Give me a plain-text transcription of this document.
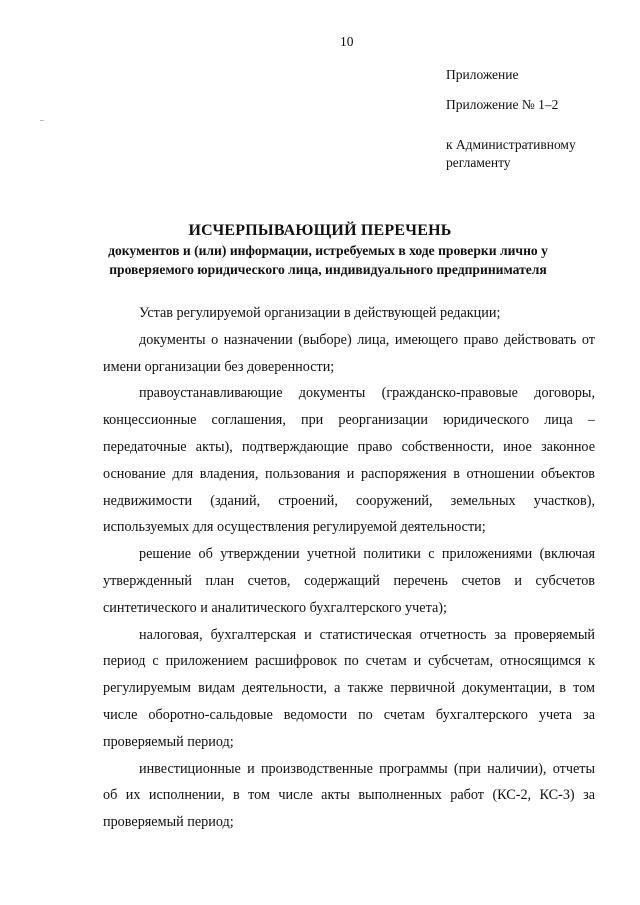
10
Приложение
Приложение № 1–2
к Административному регламенту
ИСЧЕРПЫВАЮЩИЙ ПЕРЕЧЕНЬ
документов и (или) информации, истребуемых в ходе проверки лично у проверяемого юридического лица, индивидуального предпринимателя

Устав регулируемой организации в действующей редакции;

документы о назначении (выборе) лица, имеющего право действовать от имени организации без доверенности;

правоустанавливающие документы (гражданско-правовые договоры, концессионные соглашения, при реорганизации юридического лица – передаточные акты), подтверждающие право собственности, иное законное основание для владения, пользования и распоряжения в отношении объектов недвижимости (зданий, строений, сооружений, земельных участков), используемых для осуществления регулируемой деятельности;

решение об утверждении учетной политики с приложениями (включая утвержденный план счетов, содержащий перечень счетов и субсчетов синтетического и аналитического бухгалтерского учета);

налоговая, бухгалтерская и статистическая отчетность за проверяемый период с приложением расшифровок по счетам и субсчетам, относящимся к регулируемым видам деятельности, а также первичной документации, в том числе оборотно-сальдовые ведомости по счетам бухгалтерского учета за проверяемый период;

инвестиционные и производственные программы (при наличии), отчеты об их исполнении, в том числе акты выполненных работ (КС-2, КС-3) за проверяемый период;
